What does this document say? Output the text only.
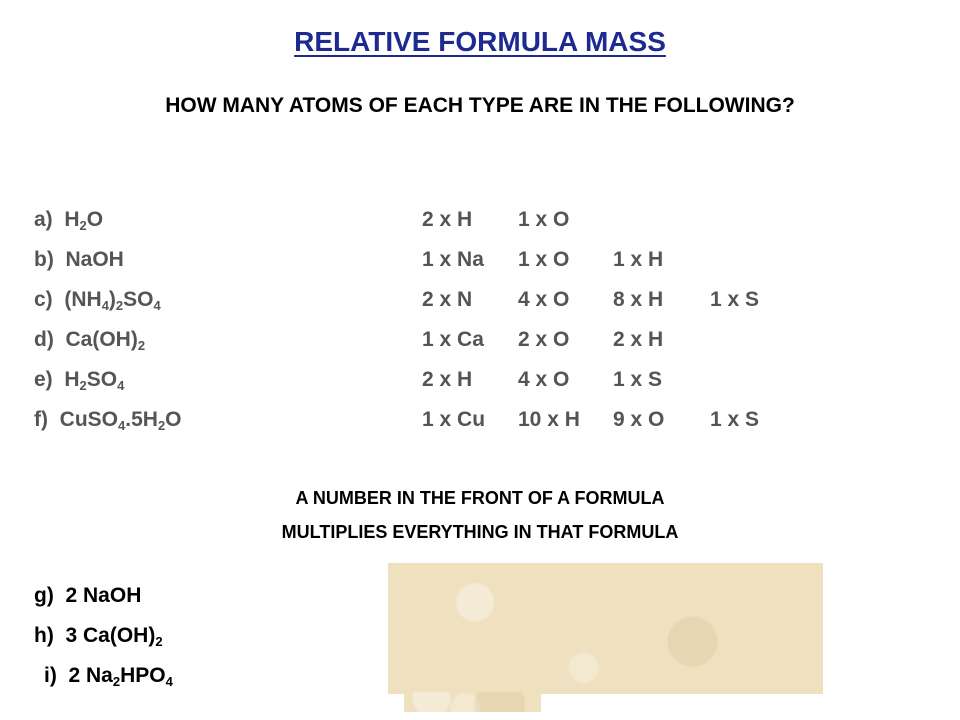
RELATIVE FORMULA MASS
HOW MANY ATOMS OF EACH TYPE ARE IN THE FOLLOWING?
a) $H_2O$	2 x H 1 x O
b) NaOH	1 x Na 1 x O 1 x H
c) $(NH_4)_2SO_4$	2 x N 4 x O 8 x H 1 x S
d) $Ca(OH)_2$	1 x Ca 2 x O 2 x H
e) $H_2SO_4$	2 x H 4 x O 1 x S
f) $CuSO_4.5H_2O$	1 x Cu 10 x H 9 x O 1 x S
A NUMBER IN THE FRONT OF A FORMULA
MULTIPLIES EVERYTHING IN THAT FORMULA
g) 2 NaOH
h) 3 $Ca(OH)_2$
i) 2 $Na_2HPO_4$
